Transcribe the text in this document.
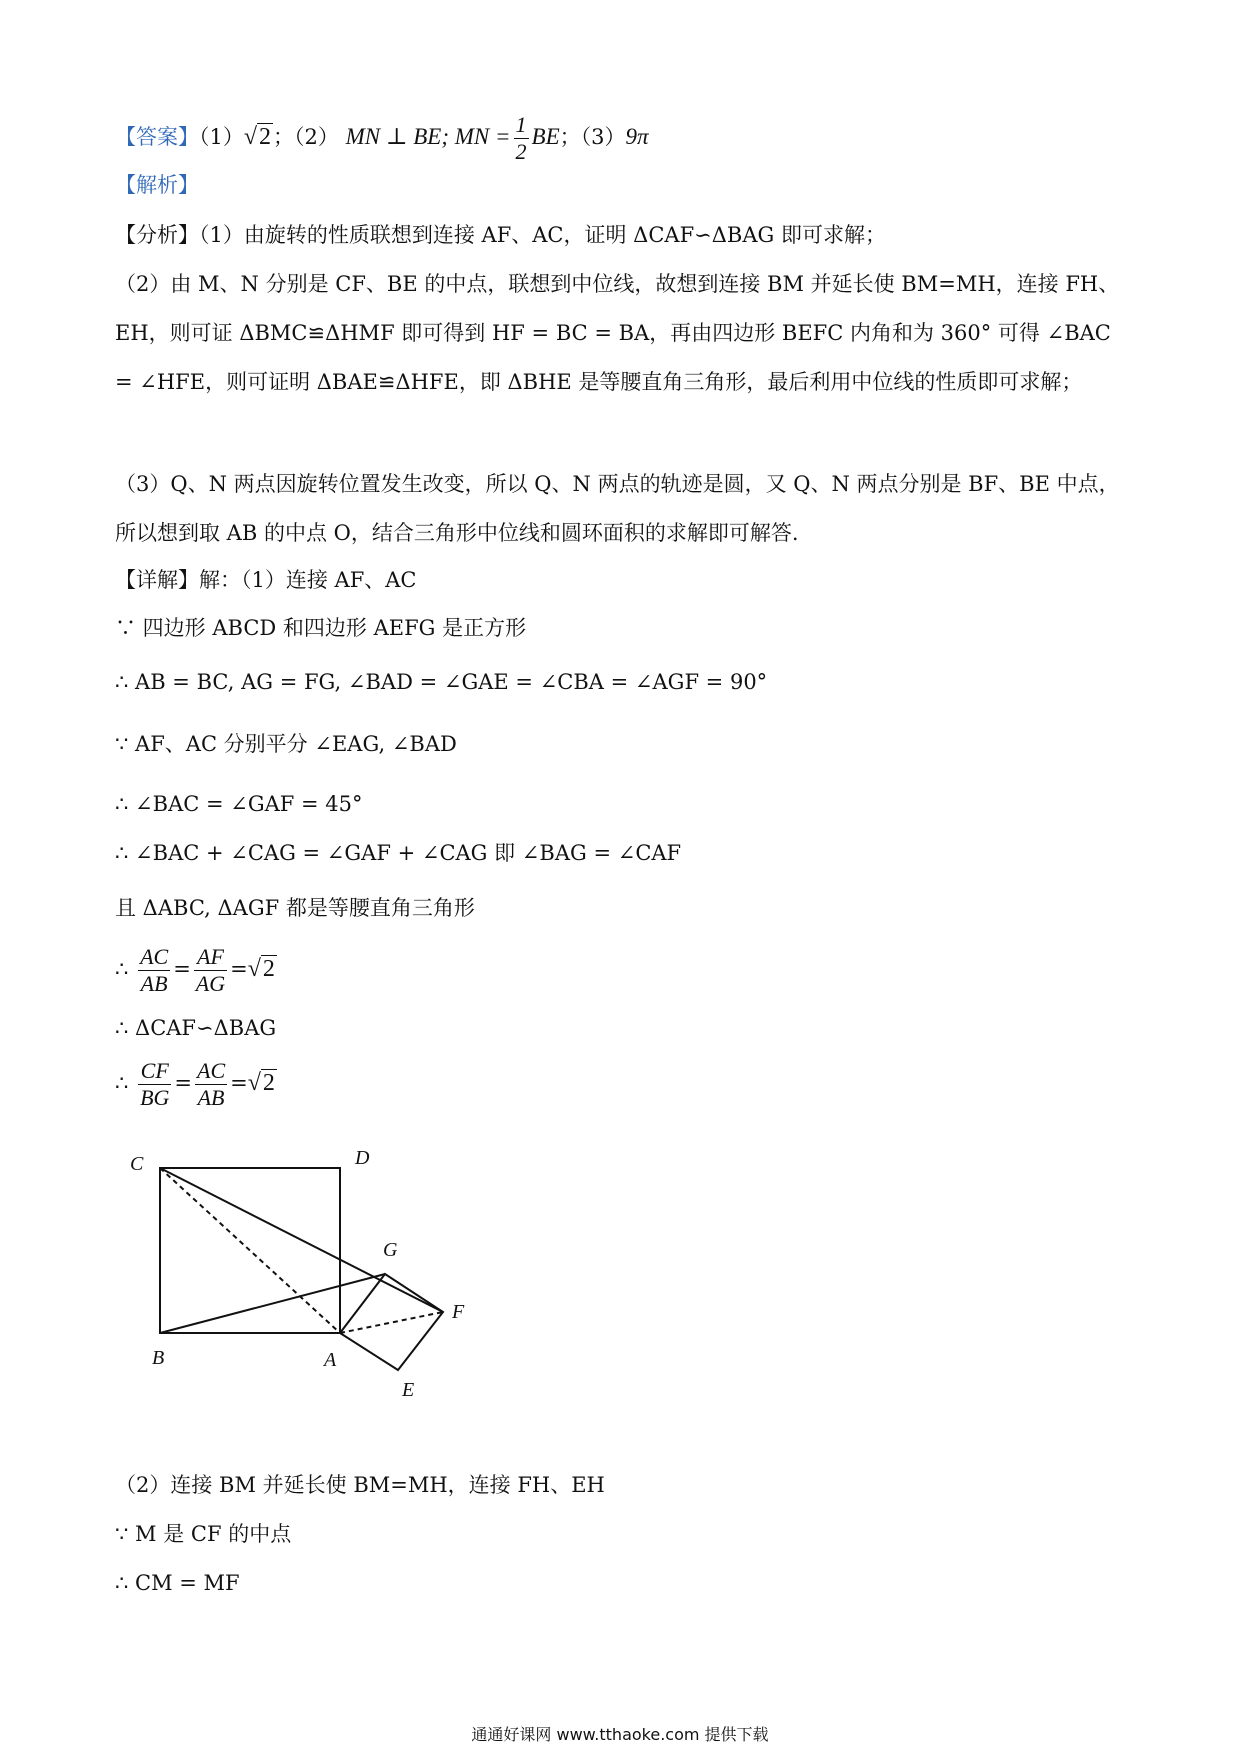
【答案】（1）√2；（2） MN ⊥ BE; MN = $\frac{1}{2}$ BE；（3）9π
【解析】
【分析】（1）由旋转的性质联想到连接 AF、AC，证明 ΔCAF∽ΔBAG 即可求解；
（2）由 M、N 分别是 CF、BE 的中点，联想到中位线，故想到连接 BM 并延长使 BM=MH，连接 FH、EH，则可证 ΔBMC≌ΔHMF 即可得到 HF = BC = BA，再由四边形 BEFC 内角和为 360° 可得 ∠BAC = ∠HFE，则可证明 ΔBAE≌ΔHFE，即 ΔBHE 是等腰直角三角形，最后利用中位线的性质即可求解；
（3）Q、N 两点因旋转位置发生改变，所以 Q、N 两点的轨迹是圆，又 Q、N 两点分别是 BF、BE 中点，所以想到取 AB 的中点 O，结合三角形中位线和圆环面积的求解即可解答.
【详解】解：（1）连接 AF、AC
∵ 四边形 ABCD 和四边形 AEFG 是正方形
∴ AB = BC, AG = FG, ∠BAD = ∠GAE = ∠CBA = ∠AGF = 90°
∵ AF、AC 分别平分 ∠EAG, ∠BAD
∴ ∠BAC = ∠GAF = 45°
∴ ∠BAC + ∠CAG = ∠GAF + ∠CAG 即 ∠BAG = ∠CAF
且 ΔABC, ΔAGF 都是等腰直角三角形
∴ $\frac{AC}{AB} = \frac{AF}{AG} =√2$
∴ ΔCAF∽ΔBAG
∴ $\frac{CF}{BG} = \frac{AC}{AB} =√2$
C	D
G
F
B	A
E
（2）连接 BM 并延长使 BM=MH，连接 FH、EH
∵ M 是 CF 的中点
∴ CM = MF
通通好课网 www.tthaoke.com 提供下载
